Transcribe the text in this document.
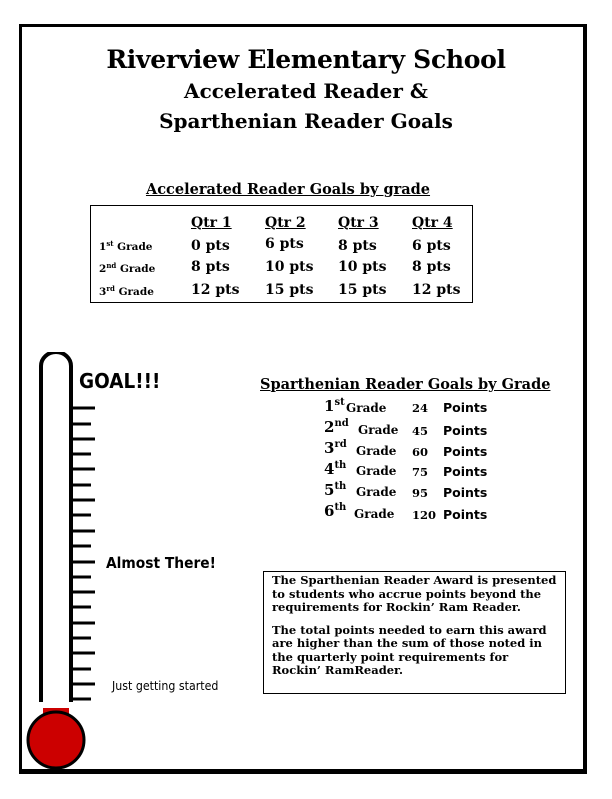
Riverview Elementary School
Accelerated Reader &
Sparthenian Reader Goals
Accelerated Reader Goals by grade
Qtr 1 Qtr 2 Qtr 3 Qtr 4
1st Grade	0 pts	6 pts 8 pts	6 pts
2nd Grade	8 pts	10 pts 10 pts 8 pts
3rd Grade	12 pts 15 pts 15 pts 12 pts
Sparthenian Reader Goals by Grade
1st Grade 24 Points
2nd Grade 45 Points
3rd Grade 60 Points
4th Grade 75 Points
5th Grade 95 Points
6th Grade 120 Points

The Sparthenian Reader Award is presented to students who accrue points beyond the requirements for Rockin’ Ram Reader.

The total points needed to earn this award are higher than the sum of those noted in the quarterly point requirements for Rockin’ RamReader.

GOAL!!!
Almost There!
Just getting started
